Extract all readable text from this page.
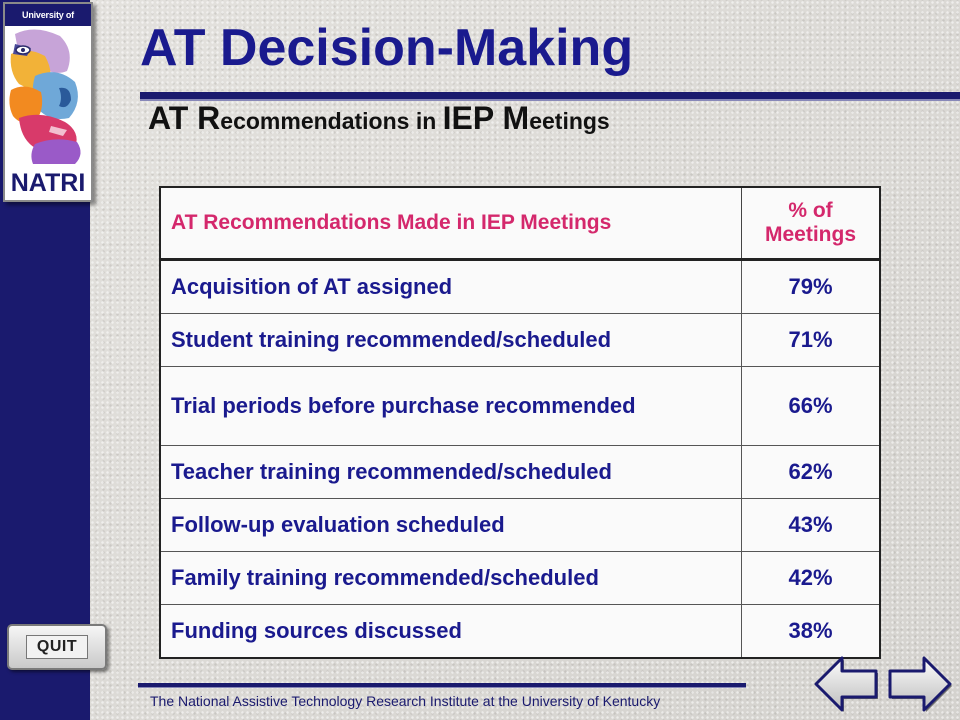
University of
NATRI
AT Decision-Making
AT Recommendations in IEP Meetings
AT Recommendations Made in IEP Meetings	% of Meetings
Acquisition of AT assigned	79%
Student training recommended/scheduled	71%
Trial periods before purchase recommended	66%
Teacher training recommended/scheduled	62%
Follow-up evaluation scheduled	43%
Family training recommended/scheduled	42%
Funding sources discussed	38%
QUIT
The National Assistive Technology Research Institute at the University of Kentucky
